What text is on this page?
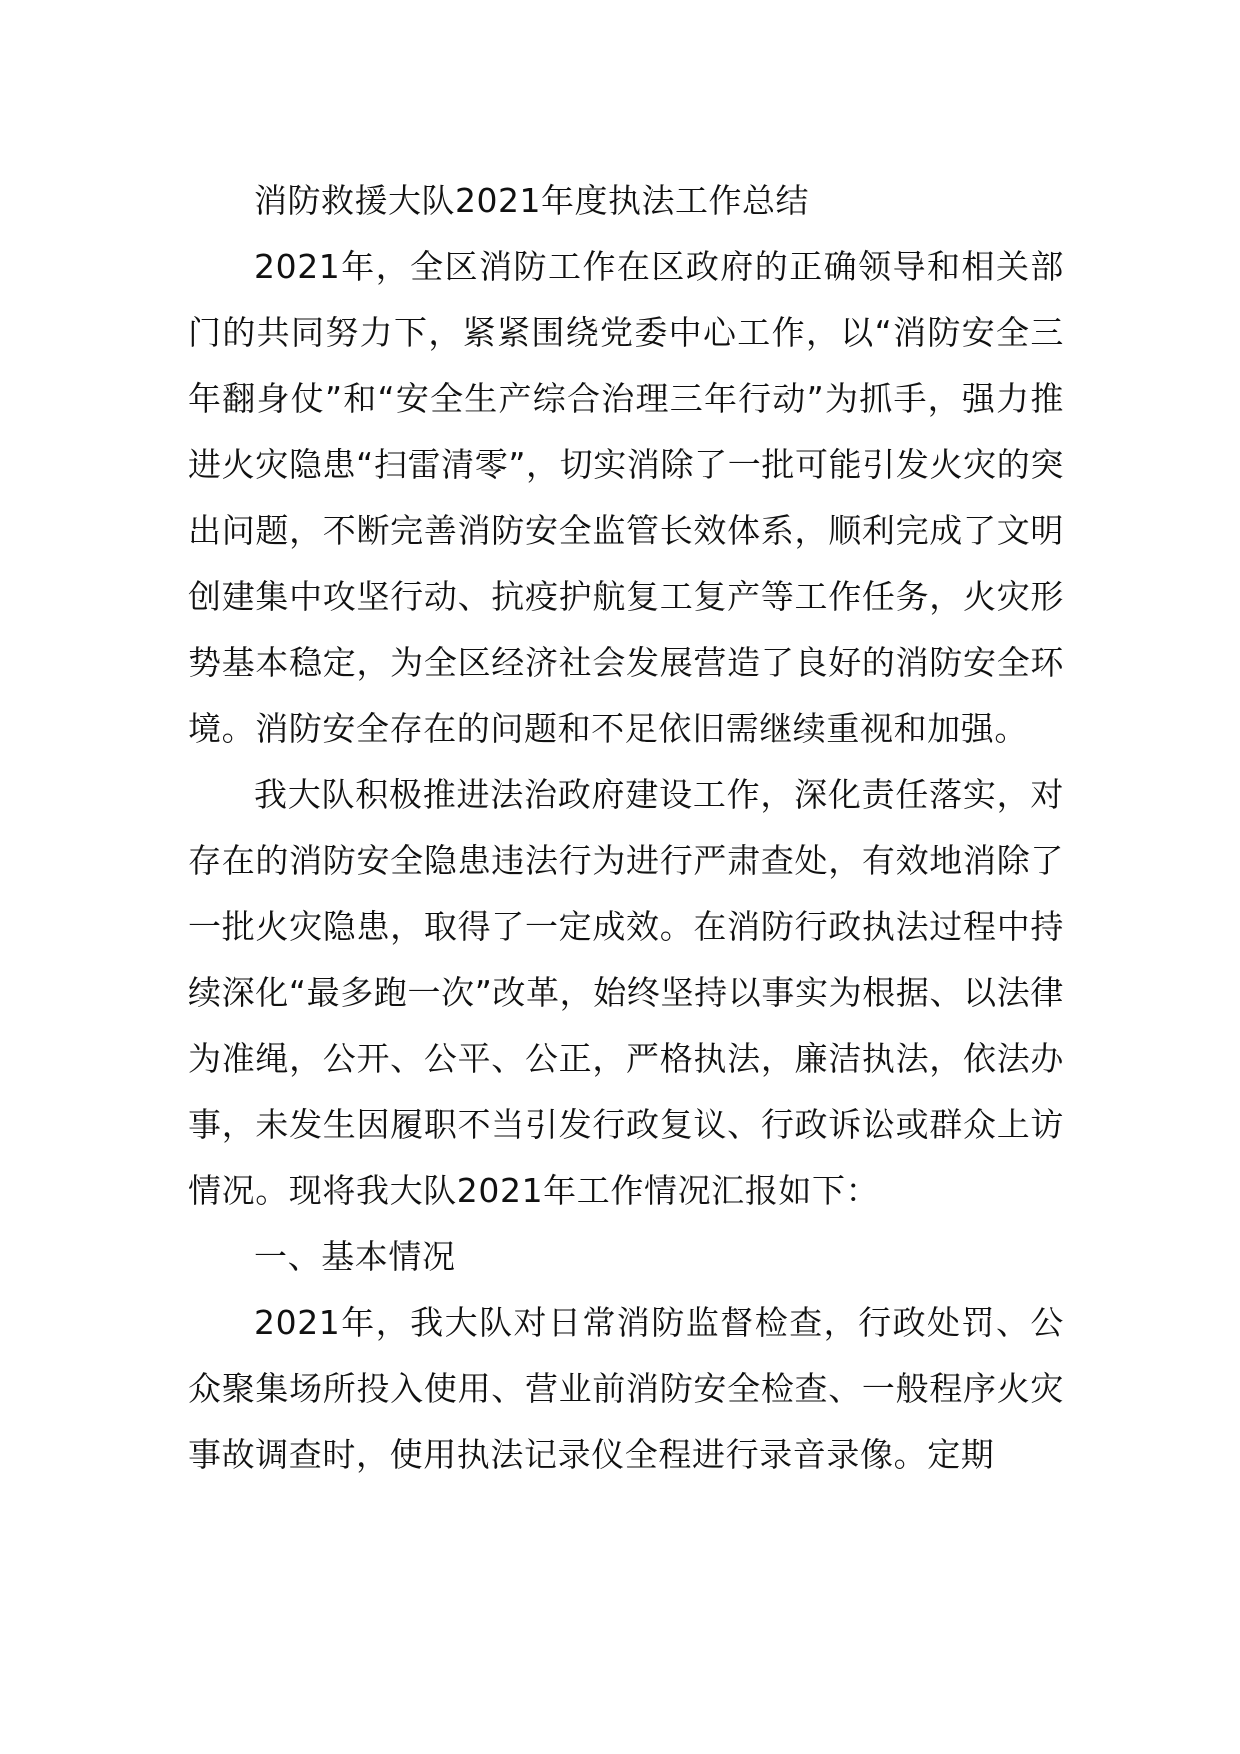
消防救援大队2021年度执法工作总结

2021年，全区消防工作在区政府的正确领导和相关部门的共同努力下，紧紧围绕党委中心工作，以“消防安全三年翻身仗”和“安全生产综合治理三年行动”为抓手，强力推进火灾隐患“扫雷清零”，切实消除了一批可能引发火灾的突出问题，不断完善消防安全监管长效体系，顺利完成了文明创建集中攻坚行动、抗疫护航复工复产等工作任务，火灾形势基本稳定，为全区经济社会发展营造了良好的消防安全环境。消防安全存在的问题和不足依旧需继续重视和加强。

我大队积极推进法治政府建设工作，深化责任落实，对存在的消防安全隐患违法行为进行严肃查处，有效地消除了一批火灾隐患，取得了一定成效。在消防行政执法过程中持续深化“最多跑一次”改革，始终坚持以事实为根据、以法律为准绳，公开、公平、公正，严格执法，廉洁执法，依法办事，未发生因履职不当引发行政复议、行政诉讼或群众上访情况。现将我大队2021年工作情况汇报如下：

一、基本情况

2021年，我大队对日常消防监督检查，行政处罚、公众聚集场所投入使用、营业前消防安全检查、一般程序火灾事故调查时，使用执法记录仪全程进行录音录像。定期
